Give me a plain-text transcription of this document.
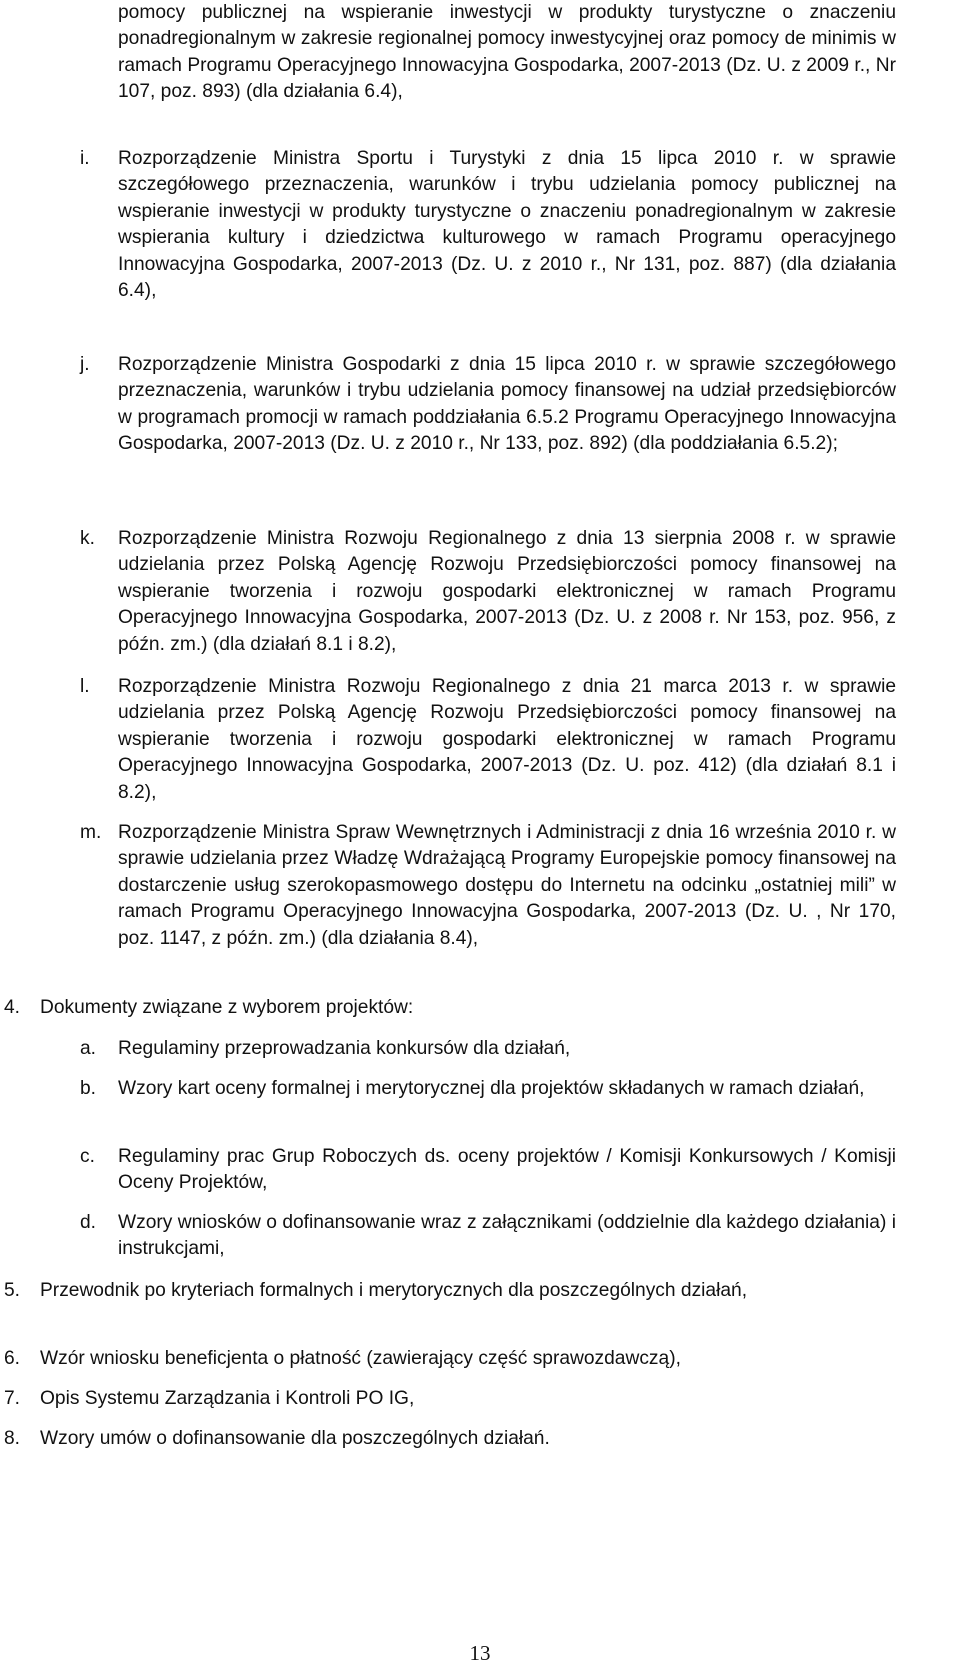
pomocy publicznej na wspieranie inwestycji w produkty turystyczne o znaczeniu ponadregionalnym w zakresie regionalnej pomocy inwestycyjnej oraz pomocy de minimis w ramach Programu Operacyjnego Innowacyjna Gospodarka, 2007-2013 (Dz. U. z 2009 r., Nr 107, poz. 893) (dla działania 6.4),
i. Rozporządzenie Ministra Sportu i Turystyki z dnia 15 lipca 2010 r. w sprawie szczegółowego przeznaczenia, warunków i trybu udzielania pomocy publicznej na wspieranie inwestycji w produkty turystyczne o znaczeniu ponadregionalnym w zakresie wspierania kultury i dziedzictwa kulturowego w ramach Programu operacyjnego Innowacyjna Gospodarka, 2007-2013 (Dz. U. z 2010 r., Nr 131, poz. 887) (dla działania 6.4),
j. Rozporządzenie Ministra Gospodarki z dnia 15 lipca 2010 r. w sprawie szczegółowego przeznaczenia, warunków i trybu udzielania pomocy finansowej na udział przedsiębiorców w programach promocji w ramach poddziałania 6.5.2 Programu Operacyjnego Innowacyjna Gospodarka, 2007-2013 (Dz. U. z 2010 r., Nr 133, poz. 892) (dla poddziałania 6.5.2);
k. Rozporządzenie Ministra Rozwoju Regionalnego z dnia 13 sierpnia 2008 r. w sprawie udzielania przez Polską Agencję Rozwoju Przedsiębiorczości pomocy finansowej na wspieranie tworzenia i rozwoju gospodarki elektronicznej w ramach Programu Operacyjnego Innowacyjna Gospodarka, 2007-2013 (Dz. U. z 2008 r. Nr 153, poz. 956, z późn. zm.) (dla działań 8.1 i 8.2),
l. Rozporządzenie Ministra Rozwoju Regionalnego z dnia 21 marca 2013 r. w sprawie udzielania przez Polską Agencję Rozwoju Przedsiębiorczości pomocy finansowej na wspieranie tworzenia i rozwoju gospodarki elektronicznej w ramach Programu Operacyjnego Innowacyjna Gospodarka, 2007-2013 (Dz. U. poz. 412) (dla działań 8.1 i 8.2),
m. Rozporządzenie Ministra Spraw Wewnętrznych i Administracji z dnia 16 września 2010 r. w sprawie udzielania przez Władzę Wdrażającą Programy Europejskie pomocy finansowej na dostarczenie usług szerokopasmowego dostępu do Internetu na odcinku „ostatniej mili” w ramach Programu Operacyjnego Innowacyjna Gospodarka, 2007-2013 (Dz. U. , Nr 170, poz. 1147, z późn. zm.) (dla działania 8.4),
4. Dokumenty związane z wyborem projektów:
a. Regulaminy przeprowadzania konkursów dla działań,
b. Wzory kart oceny formalnej i merytorycznej dla projektów składanych w ramach działań,
c. Regulaminy prac Grup Roboczych ds. oceny projektów / Komisji Konkursowych / Komisji Oceny Projektów,
d. Wzory wniosków o dofinansowanie wraz z załącznikami (oddzielnie dla każdego działania) i instrukcjami,
5. Przewodnik po kryteriach formalnych i merytorycznych dla poszczególnych działań,
6. Wzór wniosku beneficjenta o płatność (zawierający część sprawozdawczą),
7. Opis Systemu Zarządzania i Kontroli PO IG,
8. Wzory umów o dofinansowanie dla poszczególnych działań.
13
